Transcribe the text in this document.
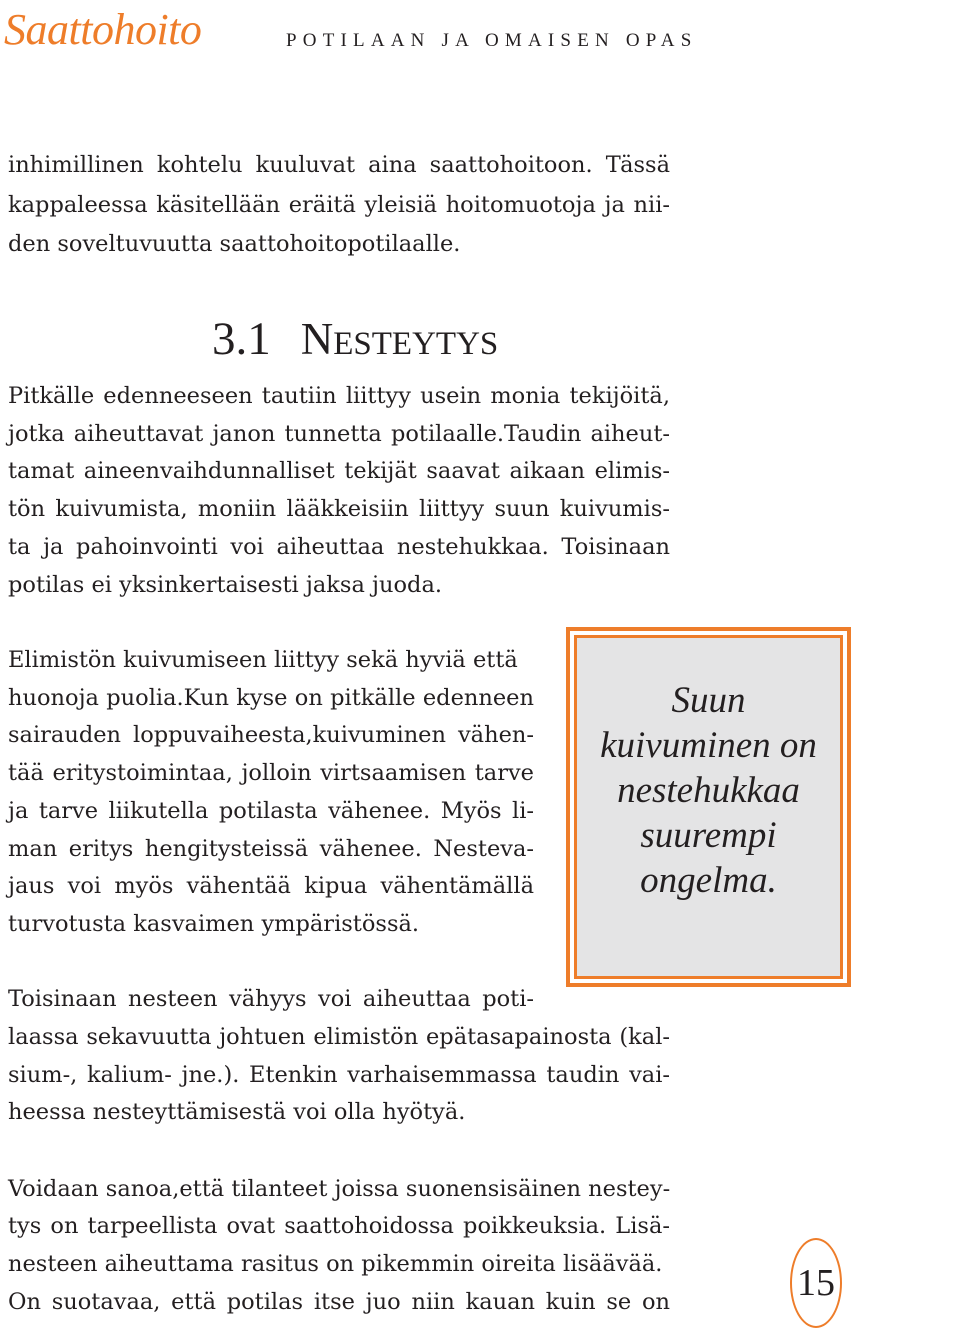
Saattohoito	POTILAAN JA OMAISEN OPAS
inhimillinen kohtelu kuuluvat aina saattohoitoon. Tässä
kappaleessa käsitellään eräitä yleisiä hoitomuotoja ja nii-
den soveltuvuutta saattohoitopotilaalle.
3.1 NESTEYTYS
Pitkälle edenneeseen tautiin liittyy usein monia tekijöitä,
jotka aiheuttavat janon tunnetta potilaalle.Taudin aiheut-
tamat aineenvaihdunnalliset tekijät saavat aikaan elimis-
tön kuivumista, moniin lääkkeisiin liittyy suun kuivumis-
ta ja pahoinvointi voi aiheuttaa nestehukkaa. Toisinaan
potilas ei yksinkertaisesti jaksa juoda.
Elimistön kuivumiseen liittyy sekä hyviä että
huonoja puolia.Kun kyse on pitkälle edenneen
sairauden loppuvaiheesta,kuivuminen vähen-
tää eritystoimintaa, jolloin virtsaamisen tarve
ja tarve liikutella potilasta vähenee. Myös li-
man eritys hengitysteissä vähenee. Nesteva-
jaus voi myös vähentää kipua vähentämällä
turvotusta kasvaimen ympäristössä.
Suun
kuivuminen on
nestehukkaa
suurempi
ongelma.
Toisinaan nesteen vähyys voi aiheuttaa poti-
laassa sekavuutta johtuen elimistön epätasapainosta (kal-
sium-, kalium- jne.). Etenkin varhaisemmassa taudin vai-
heessa nesteyttämisestä voi olla hyötyä.
Voidaan sanoa,että tilanteet joissa suonensisäinen nestey-
tys on tarpeellista ovat saattohoidossa poikkeuksia. Lisä-
nesteen aiheuttama rasitus on pikemmin oireita lisäävää.
On suotavaa, että potilas itse juo niin kauan kuin se on	15
